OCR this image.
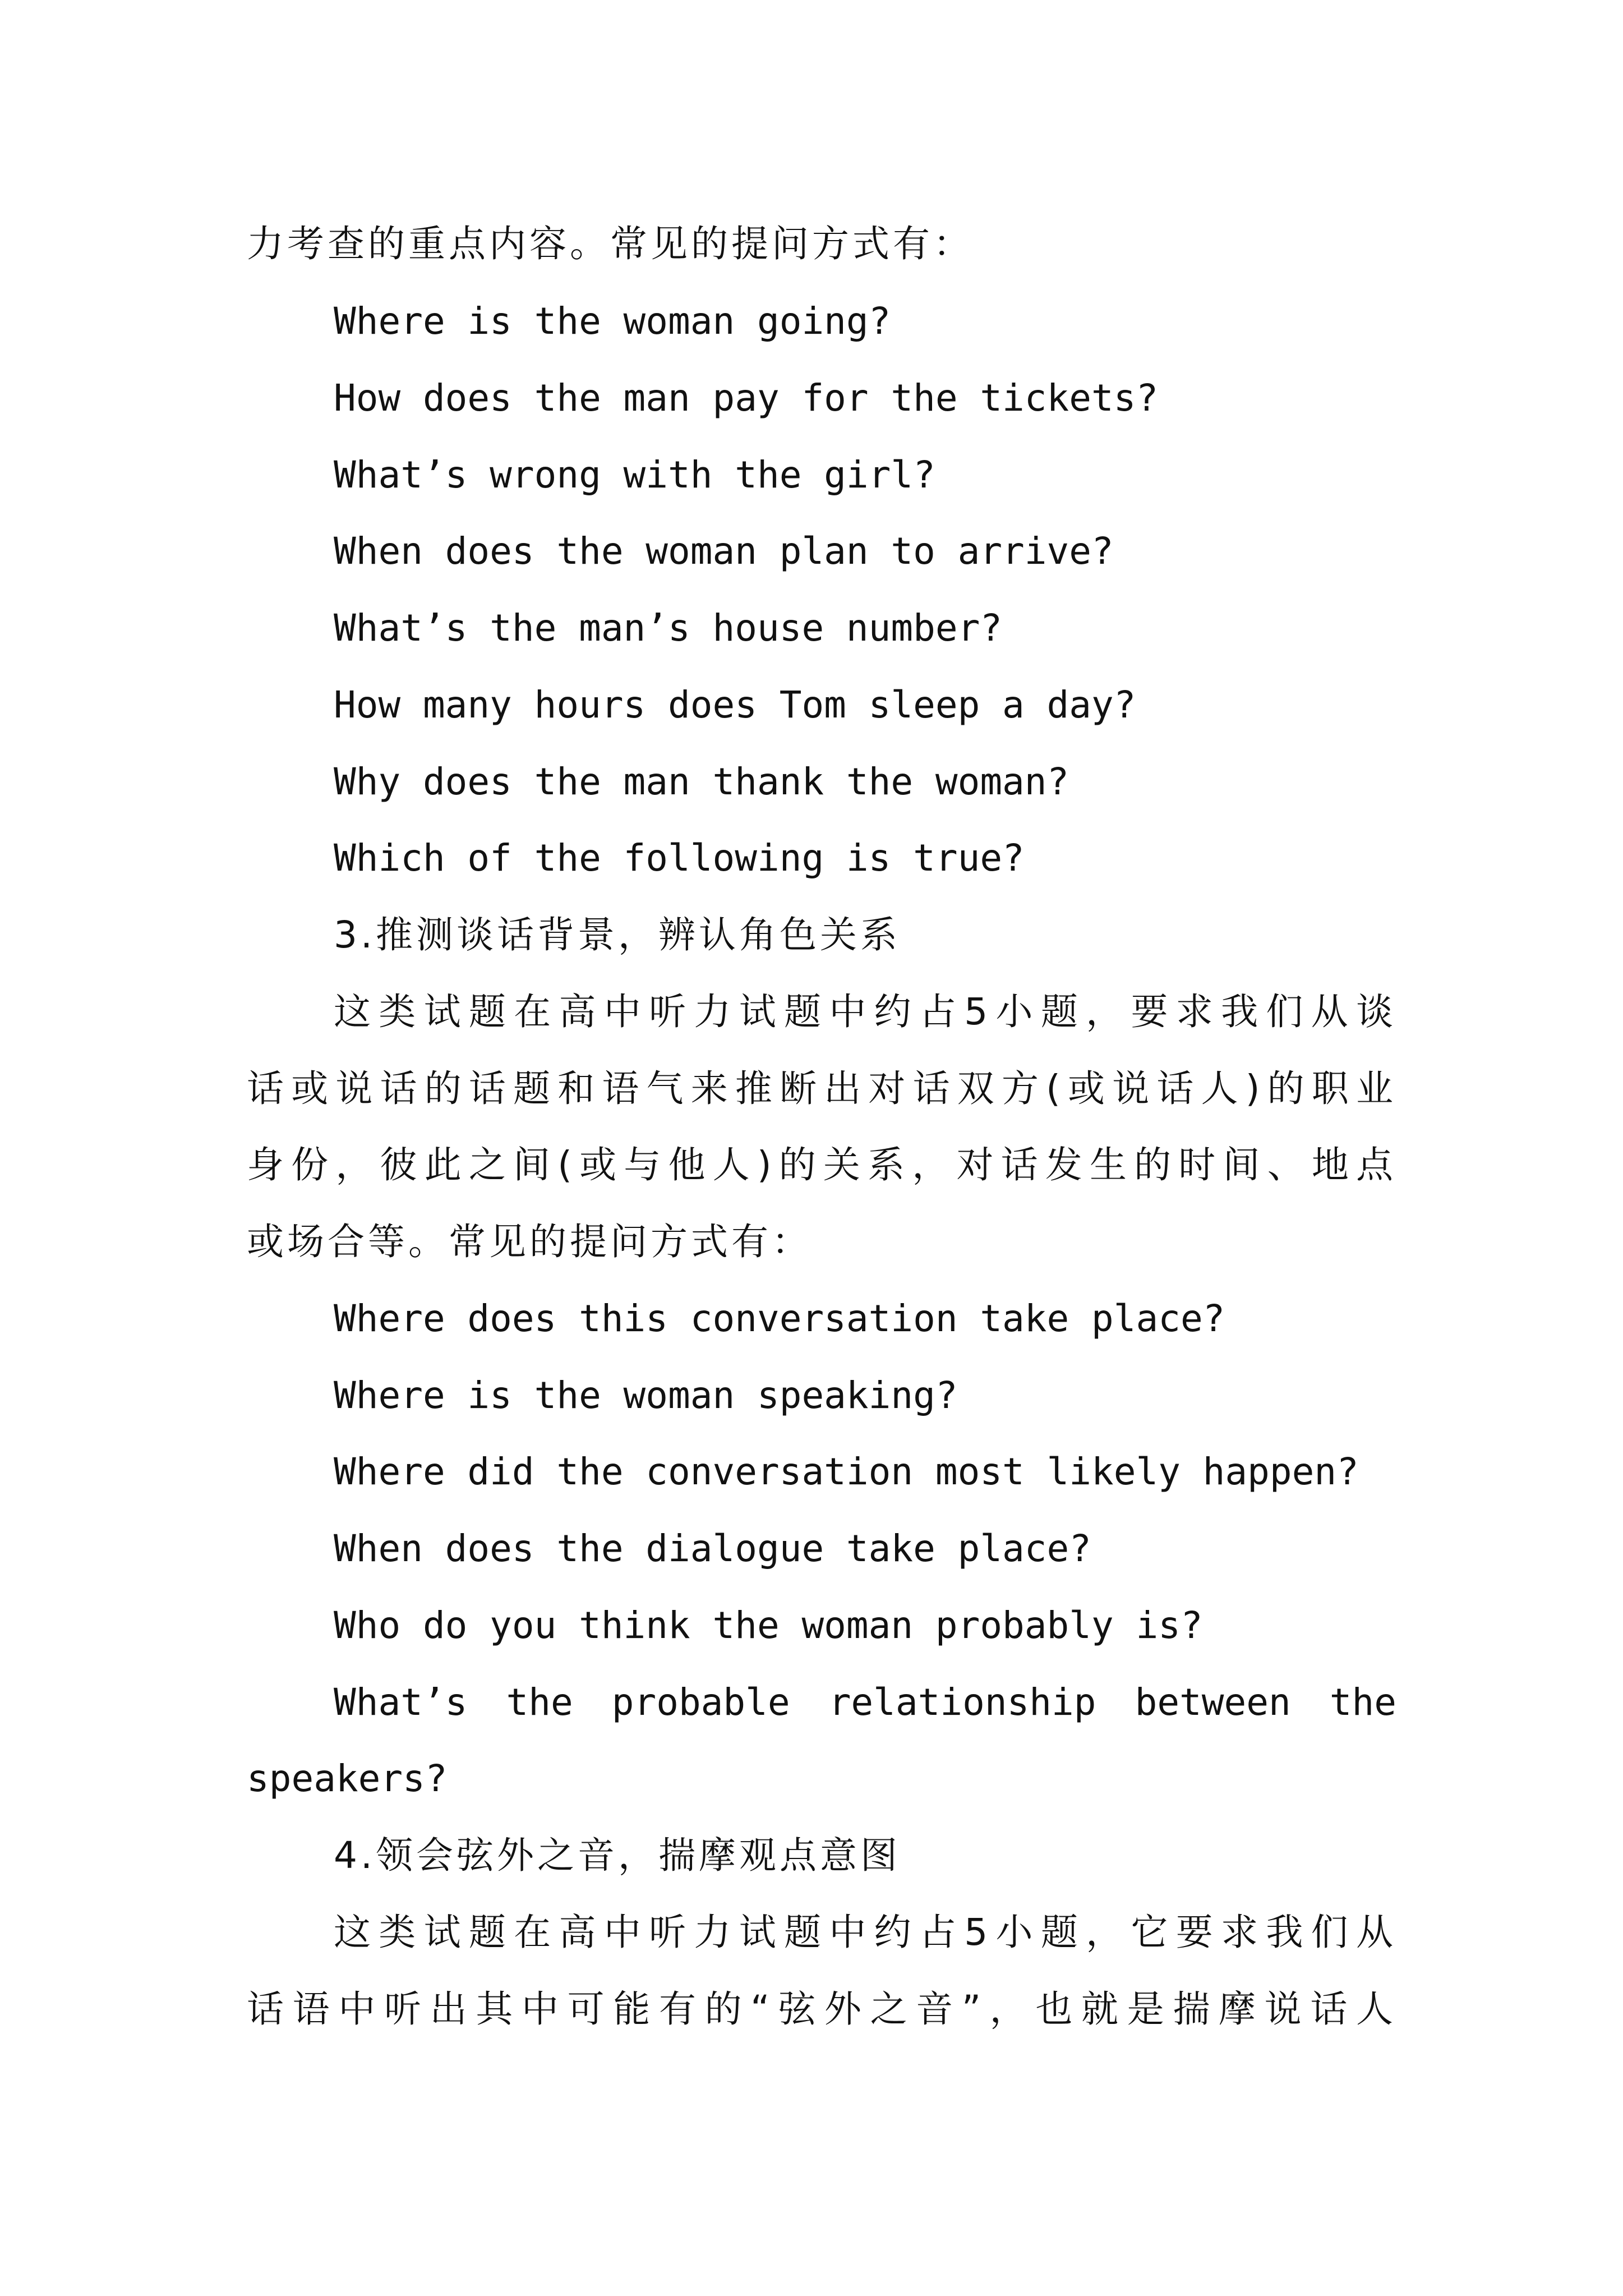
力考查的重点内容。常见的提问方式有：
Where is the woman going?
How does the man pay for the tickets?
What’s wrong with the girl?
When does the woman plan to arrive?
What’s the man’s house number?
How many hours does Tom sleep a day?
Why does the man thank the woman?
Which of the following is true?
3.推测谈话背景，辨认角色关系
这类试题在高中听力试题中约占5小题，要求我们从谈
话或说话的话题和语气来推断出对话双方(或说话人)的职业
身份，彼此之间(或与他人)的关系，对话发生的时间、地点
或场合等。常见的提问方式有：
Where does this conversation take place?
Where is the woman speaking?
Where did the conversation most likely happen?
When does the dialogue take place?
Who do you think the woman probably is?
What’s the probable relationship between the
speakers?
4.领会弦外之音，揣摩观点意图
这类试题在高中听力试题中约占5小题，它要求我们从
话语中听出其中可能有的“弦外之音”，也就是揣摩说话人
